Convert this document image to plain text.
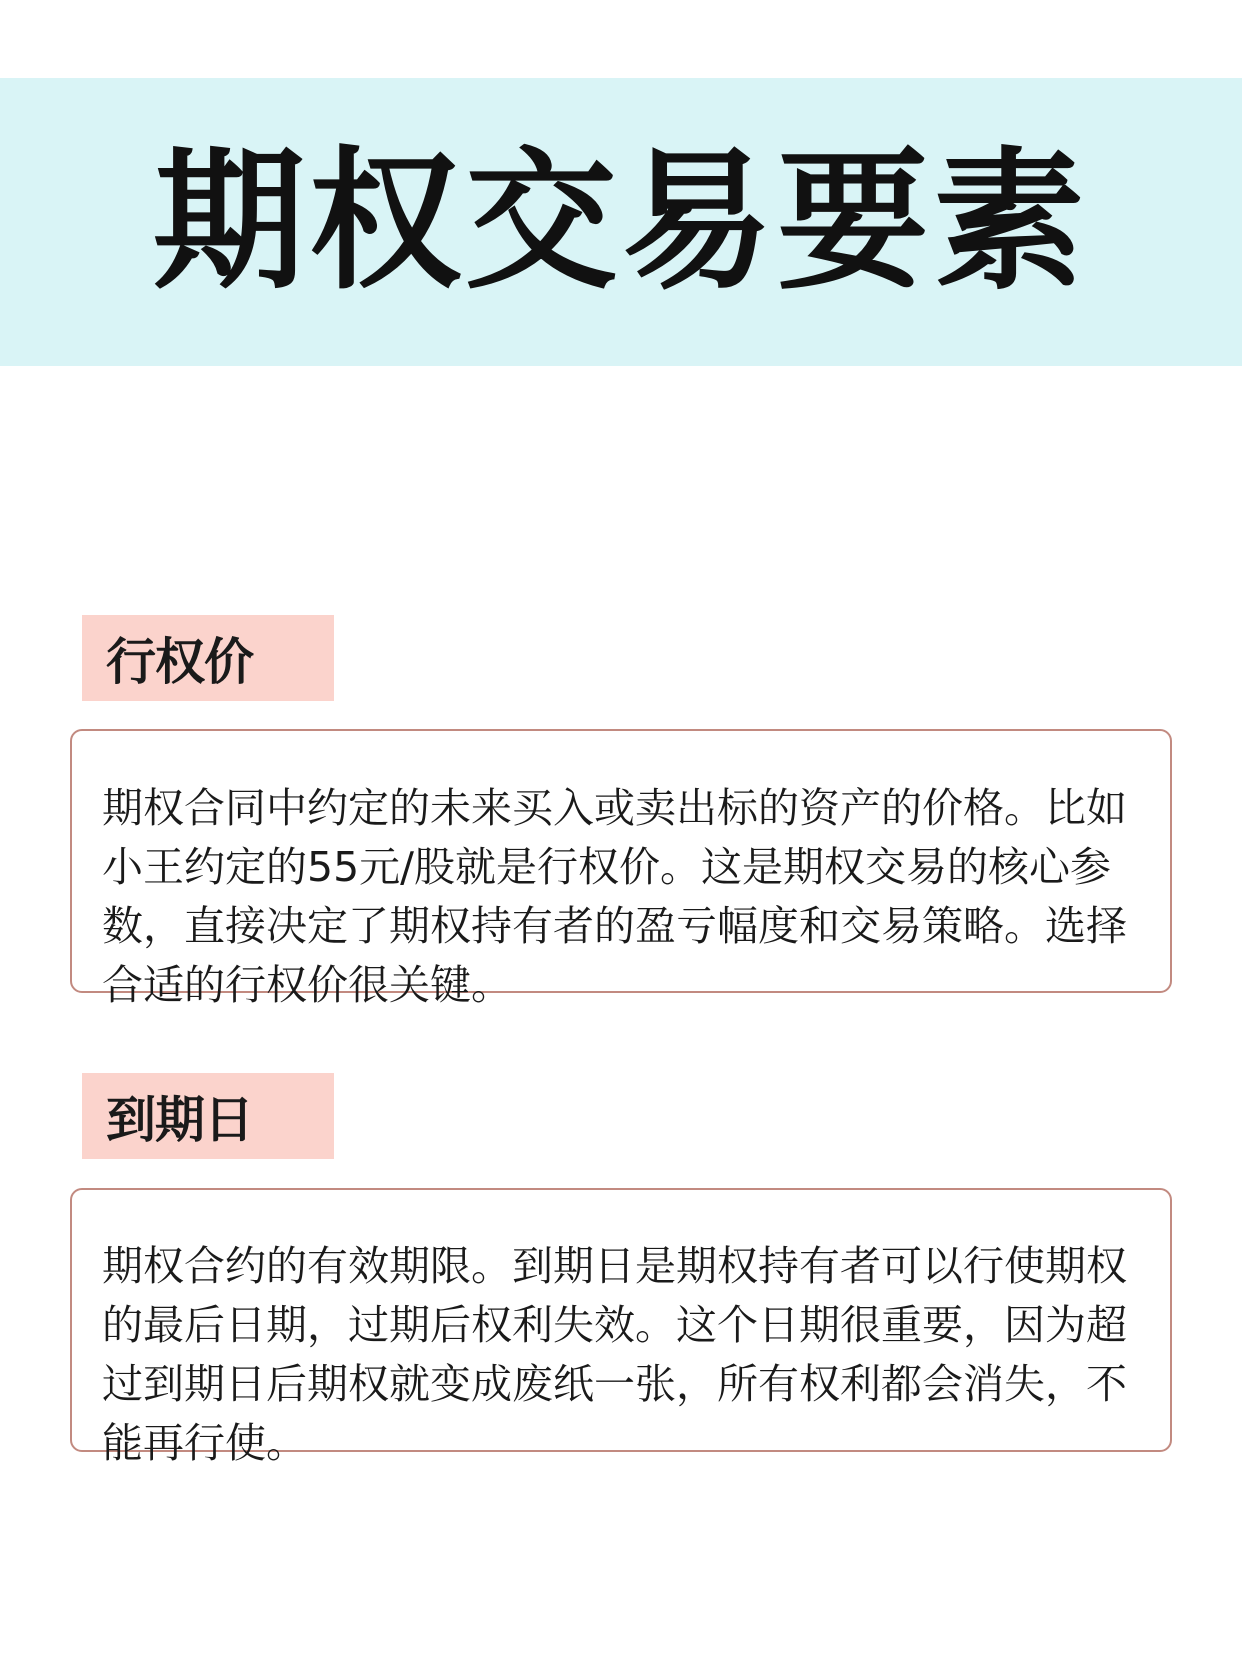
期权交易要素
行权价

期权合同中约定的未来买入或卖出标的资产的价格。比如小王约定的55元/股就是行权价。这是期权交易的核心参数，直接决定了期权持有者的盈亏幅度和交易策略。选择合适的行权价很关键。

到期日

期权合约的有效期限。到期日是期权持有者可以行使期权的最后日期，过期后权利失效。这个日期很重要，因为超过到期日后期权就变成废纸一张，所有权利都会消失，不能再行使。
